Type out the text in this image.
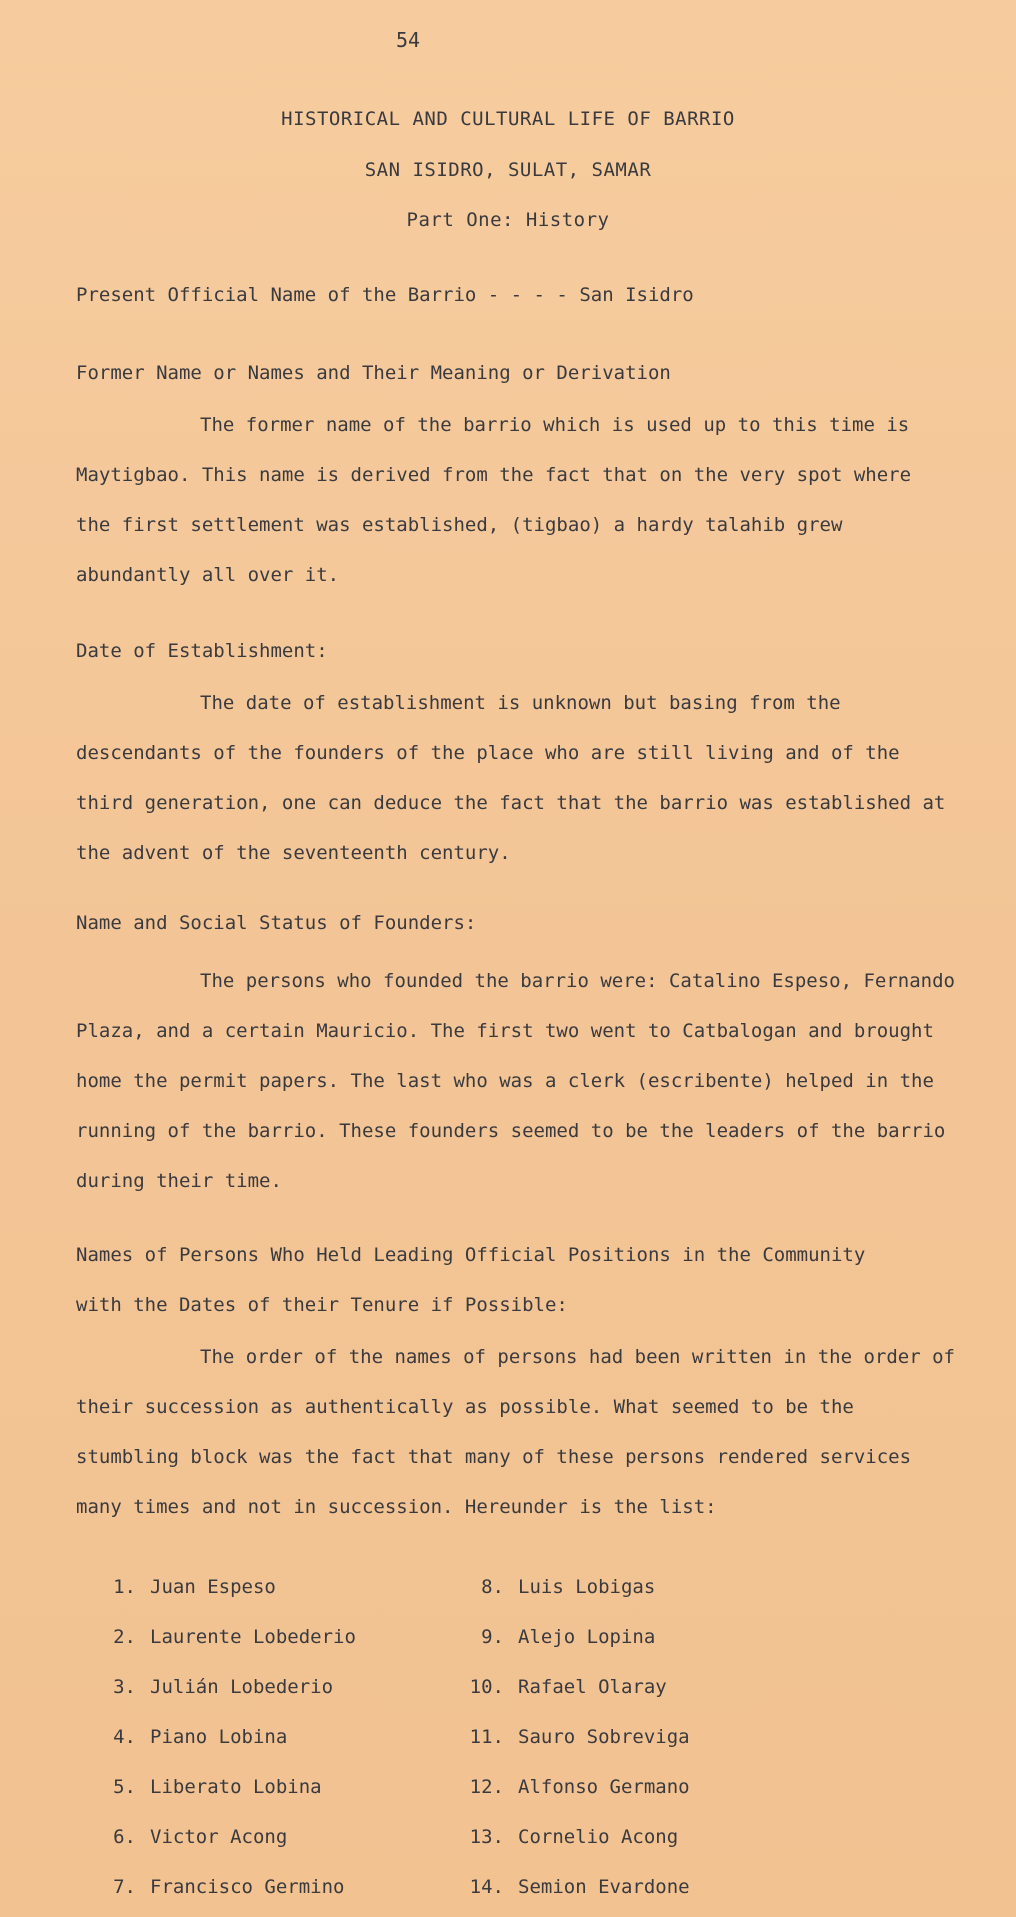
54
HISTORICAL AND CULTURAL LIFE OF BARRIO
SAN ISIDRO, SULAT, SAMAR
Part One: History
Present Official Name of the Barrio - - - - San Isidro
Former Name or Names and Their Meaning or Derivation

The former name of the barrio which is used up to this time is Maytigbao. This name is derived from the fact that on the very spot where the first settlement was established, (tigbao) a hardy talahib grew abundantly all over it.

Date of Establishment:

The date of establishment is unknown but basing from the descendants of the founders of the place who are still living and of the third generation, one can deduce the fact that the barrio was established at the advent of the seventeenth century.

Name and Social Status of Founders:

The persons who founded the barrio were: Catalino Espeso, Fernando Plaza, and a certain Mauricio. The first two went to Catbalogan and brought home the permit papers. The last who was a clerk (escribente) helped in the running of the barrio. These founders seemed to be the leaders of the barrio during their time.

Names of Persons Who Held Leading Official Positions in the Community
with the Dates of their Tenure if Possible:

The order of the names of persons had been written in the order of their succession as authentically as possible. What seemed to be the stumbling block was the fact that many of these persons rendered services many times and not in succession. Hereunder is the list:

1. Juan Espeso
2. Laurente Lobederio
3. Julián Lobederio
4. Piano Lobina
5. Liberato Lobina
6. Victor Acong
7. Francisco Germino
8. Luis Lobigas
9. Alejo Lopina
10. Rafael Olaray
11. Sauro Sobreviga
12. Alfonso Germano
13. Cornelio Acong
14. Semion Evardone
